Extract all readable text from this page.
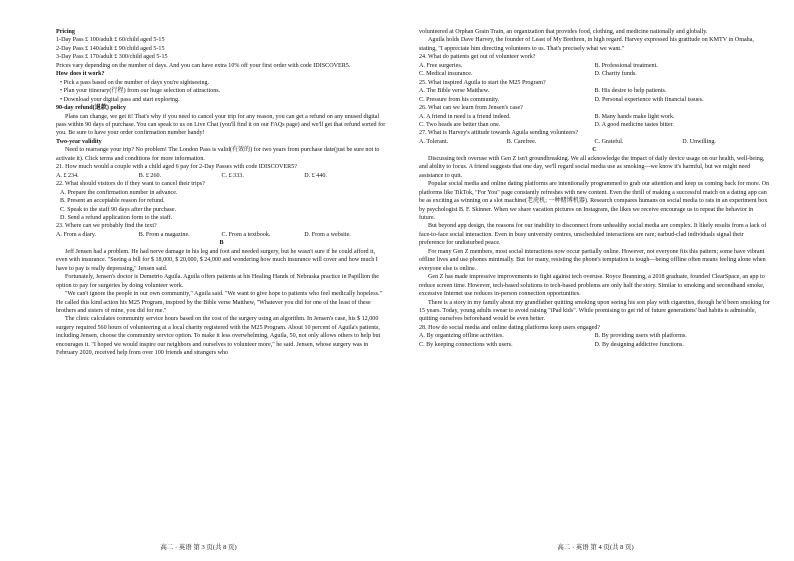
Pricing

1-Day Pass £ 100/adult £ 60/child aged 5-15

2-Day Pass £ 140/adult £ 90/child aged 5-15

3-Day Pass £ 170/adult £ 300/child aged 5-15

Prices vary depending on the number of days. And you can have extra 10% off your first order with code IDISCOVER5.

How does it work?

• Pick a pass based on the number of days you're sightseeing.

• Plan your itinerary(行程) from our huge selection of attractions.

• Download your digital pass and start exploring.

90-day refund(退款) policy

Plans can change, we get it! That's why if you need to cancel your trip for any reason, you can get a refund on any unused digital pass within 90 days of purchase. You can speak to us on Live Chat (you'll find it on our FAQs page) and we'll get that refund sorted for you. Be sure to have your order confirmation number handy!

Two-year validity

Need to rearrange your trip? No problem! The London Pass is valid(有效的) for two years from purchase date(just be sure not to activate it). Click terms and conditions for more information.

21. How much would a couple with a child aged 6 pay for 2-Day Passes with code IDISCOVER5?

A. £ 234.	B. £ 260.	C. £ 333.	D. £ 440.

22. What should visitors do if they want to cancel their trips?

A. Prepare the confirmation number in advance.

B. Present an acceptable reason for refund.

C. Speak to the staff 90 days after the purchase.

D. Send a refund application form to the staff.

23. Where can we probably find the text?

A. From a diary.	B. From a magazine.	C. From a textbook.	D. From a website.

B

Jeff Jensen had a problem. He had nerve damage in his leg and foot and needed surgery, but he wasn't sure if he could afford it, even with insurance. "Seeing a bill for $ 18,000, $ 20,000, $ 24,000 and wondering how much insurance will cover and how much I have to pay is really depressing," Jensen said.

Fortunately, Jensen's doctor is Demetrio Aguila. Aguila offers patients at his Healing Hands of Nebraska practice in Papillion the option to pay for surgeries by doing volunteer work.

"We can't ignore the people in our own community," Aguila said. "We want to give hope to patients who feel medically hopeless." He called this kind action his M25 Program, inspired by the Bible verse Matthew, "Whatever you did for one of the least of these brothers and sisters of mine, you did for me."

The clinic calculates community service hours based on the cost of the surgery using an algorithm. In Jensen's case, his $ 12,000 surgery required 560 hours of volunteering at a local charity registered with the M25 Program. About 10 percent of Aguila's patients, including Jensen, choose the community service option. To make it less overwhelming, Aguila, 50, not only allows others to help but encourages it. "I hoped we would inspire our neighbors and ourselves to volunteer more," he said. Jensen, whose surgery was in February 2020, received help from over 100 friends and strangers who

高二 · 英语 第 3 页(共 8 页)

volunteered at Orphan Grain Train, an organization that provides food, clothing, and medicine nationally and globally.

Aguila holds Dave Harvey, the founder of Least of My Brethren, in high regard. Harvey expressed his gratitude on KMTV in Omaha, stating, "I appreciate him directing volunteers to us. That's precisely what we want."

24. What do patients get out of volunteer work?

A. Free surgeries.	B. Professional treatment.
C. Medical insurance.	D. Charity funds.

25. What inspired Aguila to start the M25 Program?

A. The Bible verse Matthew.	B. His desire to help patients.
C. Pressure from his community.	D. Personal experience with financial issues.

26. What can we learn from Jensen's case?

A. A friend in need is a friend indeed.	B. Many hands make light work.
C. Two heads are better than one.	D. A good medicine tastes bitter.

27. What is Harvey's attitude towards Aguila sending volunteers?

A. Tolerant.	B. Carefree.	C. Grateful.	D. Unwilling.

C

Discussing tech overuse with Gen Z isn't groundbreaking. We all acknowledge the impact of daily device usage on our health, well-being, and ability to focus. A friend suggests that one day, we'll regard social media use as smoking—we know it's harmful, but we might need assistance to quit.

Popular social media and online dating platforms are intentionally programmed to grab our attention and keep us coming back for more. On platforms like TikTok, "For You" page constantly refreshes with new content. Even the thrill of making a successful match on a dating app can be as exciting as winning on a slot machine(老虎机; 一种赌博机器). Research compares humans on social media to rats in an experiment box by psychologist B. F. Skinner. When we share vacation pictures on Instagram, the likes we receive encourage us to repeat the behavior in future.

But beyond app design, the reasons for our inability to disconnect from unhealthy social media are complex. It likely results from a lack of face-to-face social interaction. Even in busy university centres, unscheduled interactions are rare; earbud-clad individuals signal their preference for undisturbed peace.

For many Gen Z members, most social interactions now occur partially online. However, not everyone fits this pattern; some have vibrant offline lives and use phones minimally. But for many, resisting the phone's temptation is tough—being offline often means feeling alone when everyone else is online.

Gen Z has made impressive improvements to fight against tech overuse. Royce Branning, a 2018 graduate, founded ClearSpace, an app to reduce screen time. However, tech-based solutions to tech-based problems are only half the story. Similar to smoking and secondhand smoke, excessive Internet use reduces in-person connection opportunities.

There is a story in my family about my grandfather quitting smoking upon seeing his son play with cigarettes, though he'd been smoking for 15 years. Today, young adults swear to avoid raising "iPad kids". While promising to get rid of future generations' bad habits is admirable, quitting ourselves beforehand would be even better.

28. How do social media and online dating platforms keep users engaged?

A. By organizing offline activities.	B. By providing users with platforms.
C. By keeping connections with users.	D. By designing addictive functions.
高二 · 英语 第 4 页(共 8 页)
